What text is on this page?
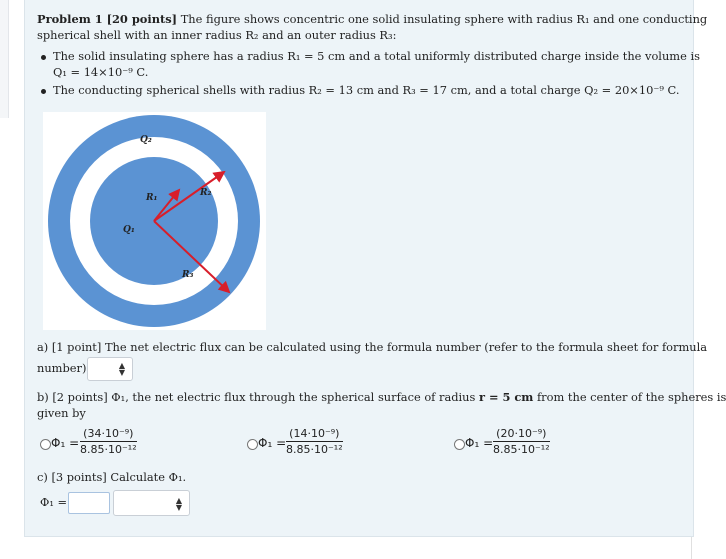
Problem 1 [20 points] The figure shows concentric one solid insulating sphere with radius R₁ and one conducting
spherical shell with an inner radius R₂ and an outer radius R₃:
The solid insulating sphere has a radius R₁ = 5 cm and a total uniformly distributed charge inside the volume is
Q₁ = 14×10⁻⁹ C.
The conducting spherical shells with radius R₂ = 13 cm and R₃ = 17 cm, and a total charge Q₂ = 20×10⁻⁹ C.
Q₂
Q₁
R₁	R₂
R₃
a) [1 point] The net electric flux can be calculated using the formula number (refer to the formula sheet for formula
number)	▲
▼
b) [2 points] Φ₁, the net electric flux through the spherical surface of radius r = 5 cm from the center of the spheres is
given by
$\Phi_1 = \frac{\text{(34·10⁻⁹)}}{\text{8.85·10⁻¹²}}$	$\Phi_1 = \frac{\text{(14·10⁻⁹)}}{\text{8.85·10⁻¹²}}$	$\Phi_1 = \frac{\text{(20·10⁻⁹)}}{\text{8.85·10⁻¹²}}$
c) [3 points] Calculate Φ₁.
Φ₁ =	▲
▼
